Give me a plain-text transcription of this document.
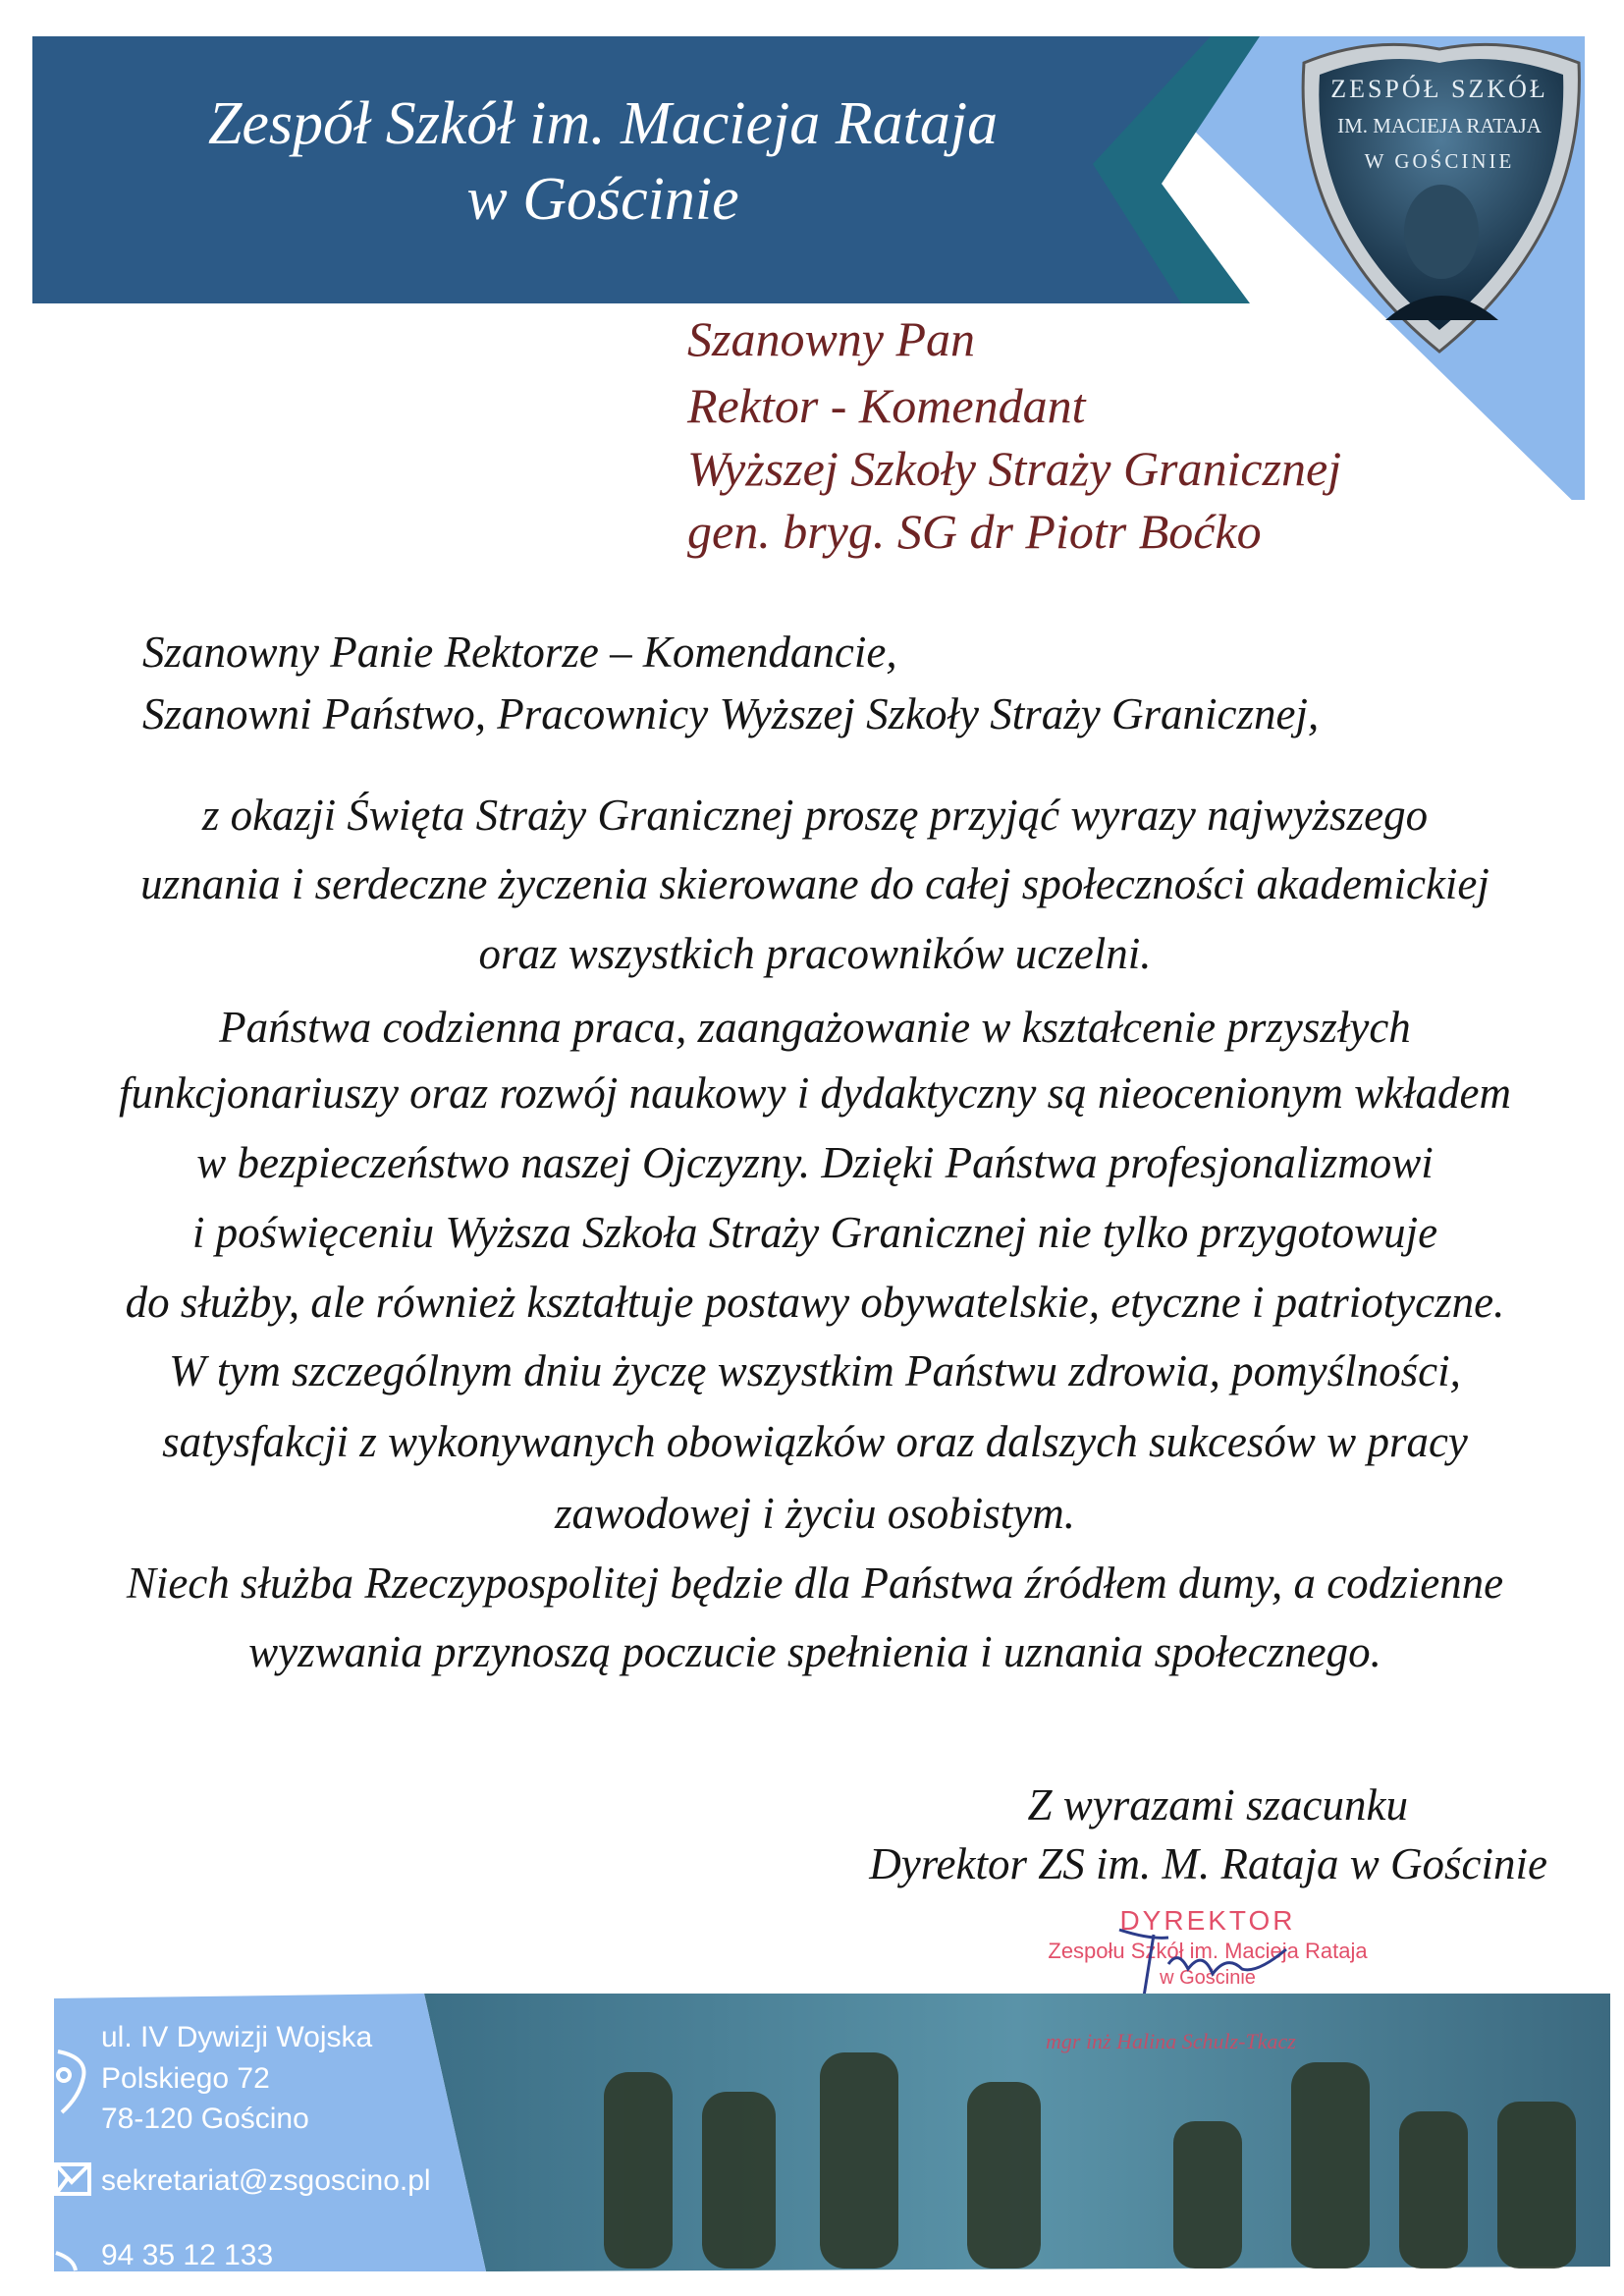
Zespół Szkół im. Macieja Rataja
w Gościnie
ZESPÓŁ SZKÓŁ
IM. MACIEJA RATAJA
W GOŚCINIE
Szanowny Pan
Rektor - Komendant
Wyższej Szkoły Straży Granicznej
gen. bryg. SG dr Piotr Boćko
Szanowny Panie Rektorze – Komendancie,
Szanowni Państwo, Pracownicy Wyższej Szkoły Straży Granicznej,
z okazji Święta Straży Granicznej proszę przyjąć wyrazy najwyższego
uznania i serdeczne życzenia skierowane do całej społeczności akademickiej
oraz wszystkich pracowników uczelni.
Państwa codzienna praca, zaangażowanie w kształcenie przyszłych
funkcjonariuszy oraz rozwój naukowy i dydaktyczny są nieocenionym wkładem
w bezpieczeństwo naszej Ojczyzny. Dzięki Państwa profesjonalizmowi
i poświęceniu Wyższa Szkoła Straży Granicznej nie tylko przygotowuje
do służby, ale również kształtuje postawy obywatelskie, etyczne i patriotyczne.
W tym szczególnym dniu życzę wszystkim Państwu zdrowia, pomyślności,
satysfakcji z wykonywanych obowiązków oraz dalszych sukcesów w pracy
zawodowej i życiu osobistym.
Niech służba Rzeczypospolitej będzie dla Państwa źródłem dumy, a codzienne
wyzwania przynoszą poczucie spełnienia i uznania społecznego.
Z wyrazami szacunku
Dyrektor ZS im. M. Rataja w Gościnie
DYREKTOR
Zespołu Szkół im. Macieja Rataja
w Gościnie
mgr inż Halina Schulz-Tkacz
ul. IV Dywizji Wojska
Polskiego 72
78-120 Gościno
sekretariat@zsgoscino.pl
94 35 12 133
